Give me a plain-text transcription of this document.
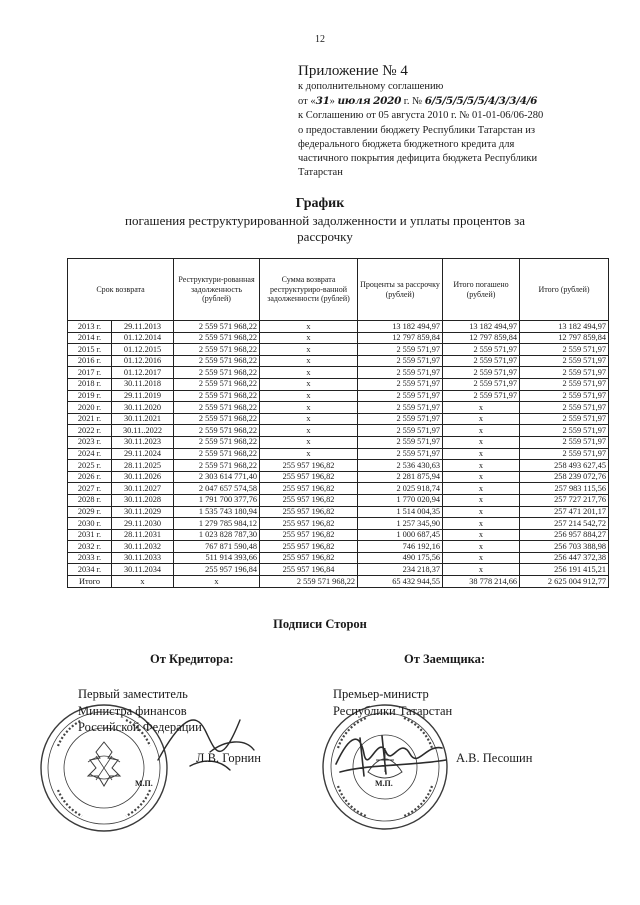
12
Приложение № 4
к дополнительному соглашению
от «31» июля 2020 г. № 6/5/5/5/5/5/4/3/3/4/6
к Соглашению от 05 августа 2010 г. № 01-01-06/06-280
о предоставлении бюджету Республики Татарстан из
федерального бюджета бюджетного кредита для
частичного покрытия дефицита бюджета Республики
Татарстан
График
погашения реструктурированной задолженности и уплаты процентов за
рассрочку
Срок возврата		Реструктури-рованная задолженность (рублей)	Сумма возврата реструктуриро-ванной задолженности (рублей)	Проценты за рассрочку (рублей)	Итого погашено (рублей)	Итого (рублей)
2013 г.	29.11.2013	2 559 571 968,22	x	13 182 494,97	13 182 494,97	13 182 494,97
2014 г.	01.12.2014	2 559 571 968,22	x	12 797 859,84	12 797 859,84	12 797 859,84
2015 г.	01.12.2015	2 559 571 968,22	x	2 559 571,97	2 559 571,97	2 559 571,97
2016 г.	01.12.2016	2 559 571 968,22	x	2 559 571,97	2 559 571,97	2 559 571,97
2017 г.	01.12.2017	2 559 571 968,22	x	2 559 571,97	2 559 571,97	2 559 571,97
2018 г.	30.11.2018	2 559 571 968,22	x	2 559 571,97	2 559 571,97	2 559 571,97
2019 г.	29.11.2019	2 559 571 968,22	x	2 559 571,97	2 559 571,97	2 559 571,97
2020 г.	30.11.2020	2 559 571 968,22	x	2 559 571,97	x	2 559 571,97
2021 г.	30.11.2021	2 559 571 968,22	x	2 559 571,97	x	2 559 571,97
2022 г.	30.11..2022	2 559 571 968,22	x	2 559 571,97	x	2 559 571,97
2023 г.	30.11.2023	2 559 571 968,22	x	2 559 571,97	x	2 559 571,97
2024 г.	29.11.2024	2 559 571 968,22	x	2 559 571,97	x	2 559 571,97
2025 г.	28.11.2025	2 559 571 968,22	255 957 196,82	2 536 430,63	x	258 493 627,45
2026 г.	30.11.2026	2 303 614 771,40	255 957 196,82	2 281 875,94	x	258 239 072,76
2027 г.	30.11.2027	2 047 657 574,58	255 957 196,82	2 025 918,74	x	257 983 115,56
2028 г.	30.11.2028	1 791 700 377,76	255 957 196,82	1 770 020,94	x	257 727 217,76
2029 г.	30.11.2029	1 535 743 180,94	255 957 196,82	1 514 004,35	x	257 471 201,17
2030 г.	29.11.2030	1 279 785 984,12	255 957 196,82	1 257 345,90	x	257 214 542,72
2031 г.	28.11.2031	1 023 828 787,30	255 957 196,82	1 000 687,45	x	256 957 884,27
2032 г.	30.11.2032	767 871 590,48	255 957 196,82	746 192,16	x	256 703 388,98
2033 г.	30.11.2033	511 914 393,66	255 957 196,82	490 175,56	x	256 447 372,38
2034 г.	30.11.2034	255 957 196,84	255 957 196,84	234 218,37	x	256 191 415,21
Итого	x	x	2 559 571 968,22	65 432 944,55	38 778 214,66	2 625 004 912,77
Подписи Сторон
От Кредитора:	От Заемщика:
Первый заместитель
Министра финансов
Российской Федерации
Премьер-министр
Республики Татарстан
Л.В. Горнин	А.В. Песошин
М.П.	М.П.
